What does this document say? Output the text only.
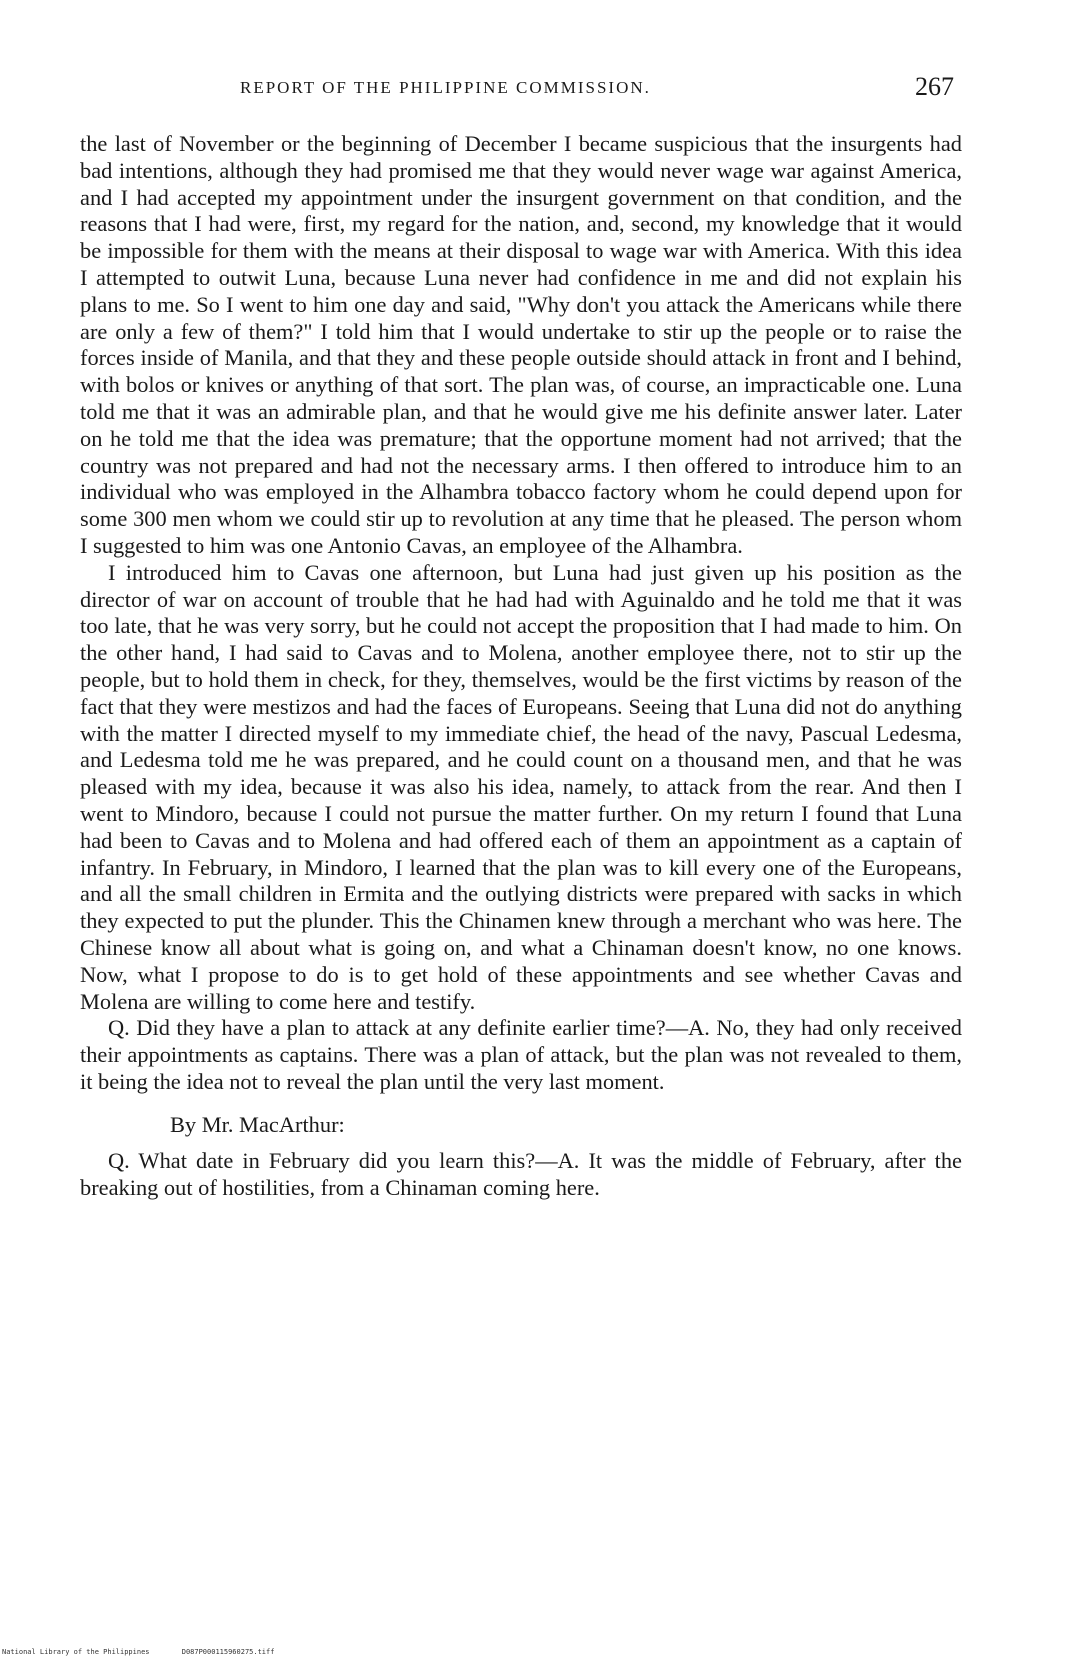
REPORT OF THE PHILIPPINE COMMISSION.	267

the last of November or the beginning of December I became suspicious that the insurgents had bad intentions, although they had promised me that they would never wage war against America, and I had accepted my appointment under the insurgent government on that condition, and the reasons that I had were, first, my regard for the nation, and, second, my knowledge that it would be impossible for them with the means at their disposal to wage war with America. With this idea I attempted to outwit Luna, because Luna never had confidence in me and did not explain his plans to me. So I went to him one day and said, "Why don't you attack the Americans while there are only a few of them?" I told him that I would undertake to stir up the people or to raise the forces inside of Manila, and that they and these people outside should attack in front and I behind, with bolos or knives or anything of that sort. The plan was, of course, an impracticable one. Luna told me that it was an admirable plan, and that he would give me his definite answer later. Later on he told me that the idea was premature; that the opportune moment had not arrived; that the country was not prepared and had not the necessary arms. I then offered to introduce him to an individual who was employed in the Alhambra tobacco factory whom he could depend upon for some 300 men whom we could stir up to revolution at any time that he pleased. The person whom I suggested to him was one Antonio Cavas, an employee of the Alhambra.

I introduced him to Cavas one afternoon, but Luna had just given up his position as the director of war on account of trouble that he had had with Aguinaldo and he told me that it was too late, that he was very sorry, but he could not accept the proposition that I had made to him. On the other hand, I had said to Cavas and to Molena, another employee there, not to stir up the people, but to hold them in check, for they, themselves, would be the first victims by reason of the fact that they were mestizos and had the faces of Europeans. Seeing that Luna did not do anything with the matter I directed myself to my immediate chief, the head of the navy, Pascual Ledesma, and Ledesma told me he was prepared, and he could count on a thousand men, and that he was pleased with my idea, because it was also his idea, namely, to attack from the rear. And then I went to Mindoro, because I could not pursue the matter further. On my return I found that Luna had been to Cavas and to Molena and had offered each of them an appointment as a captain of infantry. In February, in Mindoro, I learned that the plan was to kill every one of the Europeans, and all the small children in Ermita and the outlying districts were prepared with sacks in which they expected to put the plunder. This the Chinamen knew through a merchant who was here. The Chinese know all about what is going on, and what a Chinaman doesn't know, no one knows. Now, what I propose to do is to get hold of these appointments and see whether Cavas and Molena are willing to come here and testify.

Q. Did they have a plan to attack at any definite earlier time?—A. No, they had only received their appointments as captains. There was a plan of attack, but the plan was not revealed to them, it being the idea not to reveal the plan until the very last moment.

By Mr. MacArthur:

Q. What date in February did you learn this?—A. It was the middle of February, after the breaking out of hostilities, from a Chinaman coming here.

National Library of the Philippines	D087P000115960275.tiff
